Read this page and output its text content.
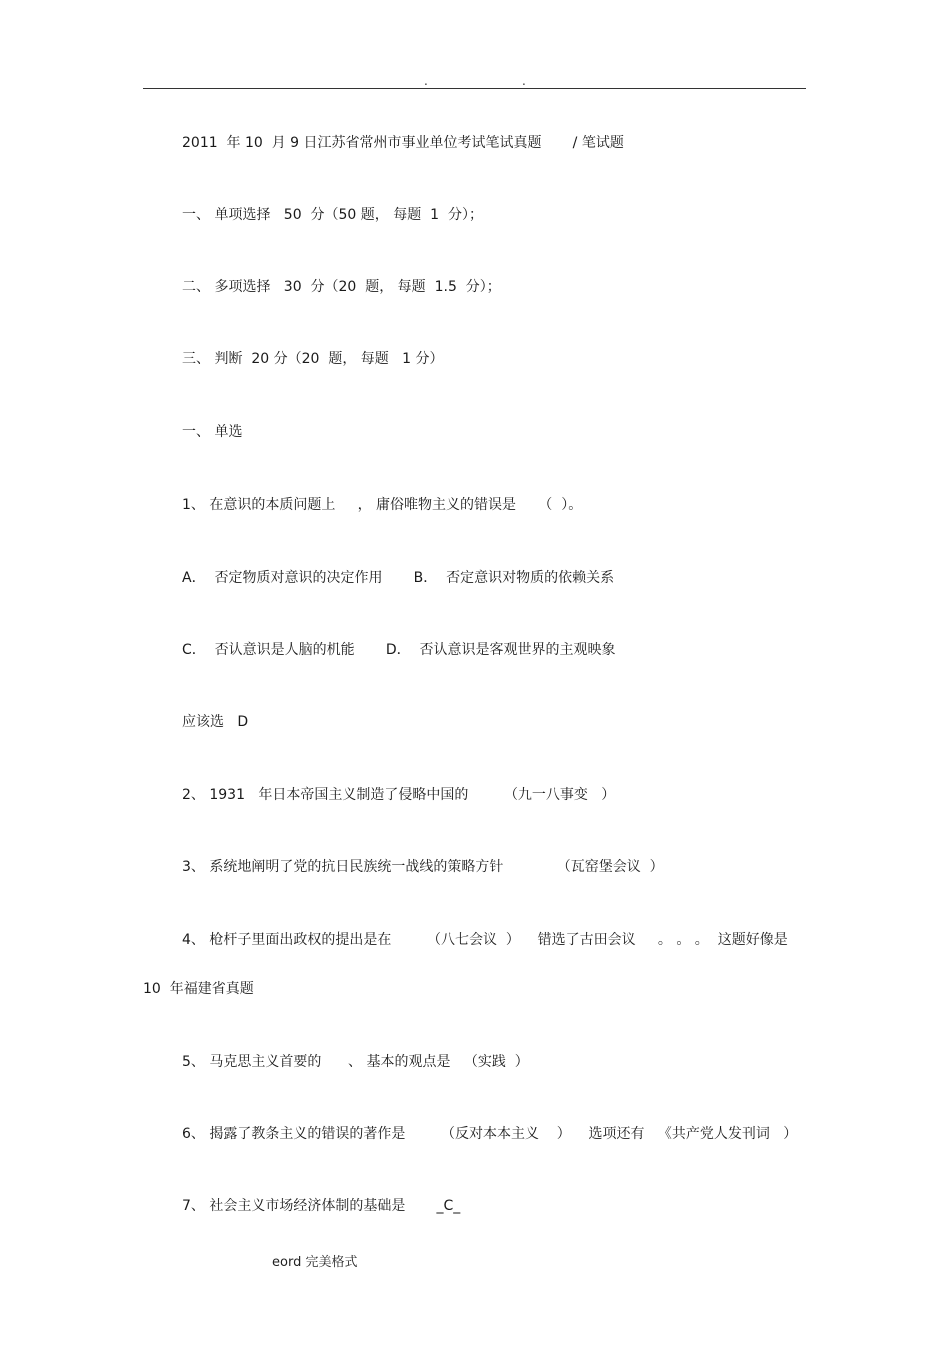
.	.
2011  年 10  月 9 日江苏省常州市事业单位考试笔试真题       / 笔试题
一、 单项选择   50  分（50 题， 每题  1  分）；
二、 多项选择   30  分（20  题， 每题  1.5  分）；
三、 判断  20 分（20  题， 每题   1 分）
一、 单选
1、 在意识的本质问题上     ， 庸俗唯物主义的错误是     （  ）。
A．  否定物质对意识的决定作用       B．  否定意识对物质的依赖关系
C．  否认意识是人脑的机能       D．  否认意识是客观世界的主观映象
应该选   D
2、 1931   年日本帝国主义制造了侵略中国的        （九一八事变   ）
3、 系统地阐明了党的抗日民族统一战线的策略方针            （瓦窑堡会议  ）
4、 枪杆子里面出政权的提出是在        （八七会议  ）    错选了古田会议     。 。 。  这题好像是
10  年福建省真题
5、 马克思主义首要的      、 基本的观点是   （实践  ）
6、 揭露了教条主义的错误的著作是        （反对本本主义    ）    选项还有   《共产党人发刊词   ）
7、 社会主义市场经济体制的基础是       _C_
eord 完美格式
